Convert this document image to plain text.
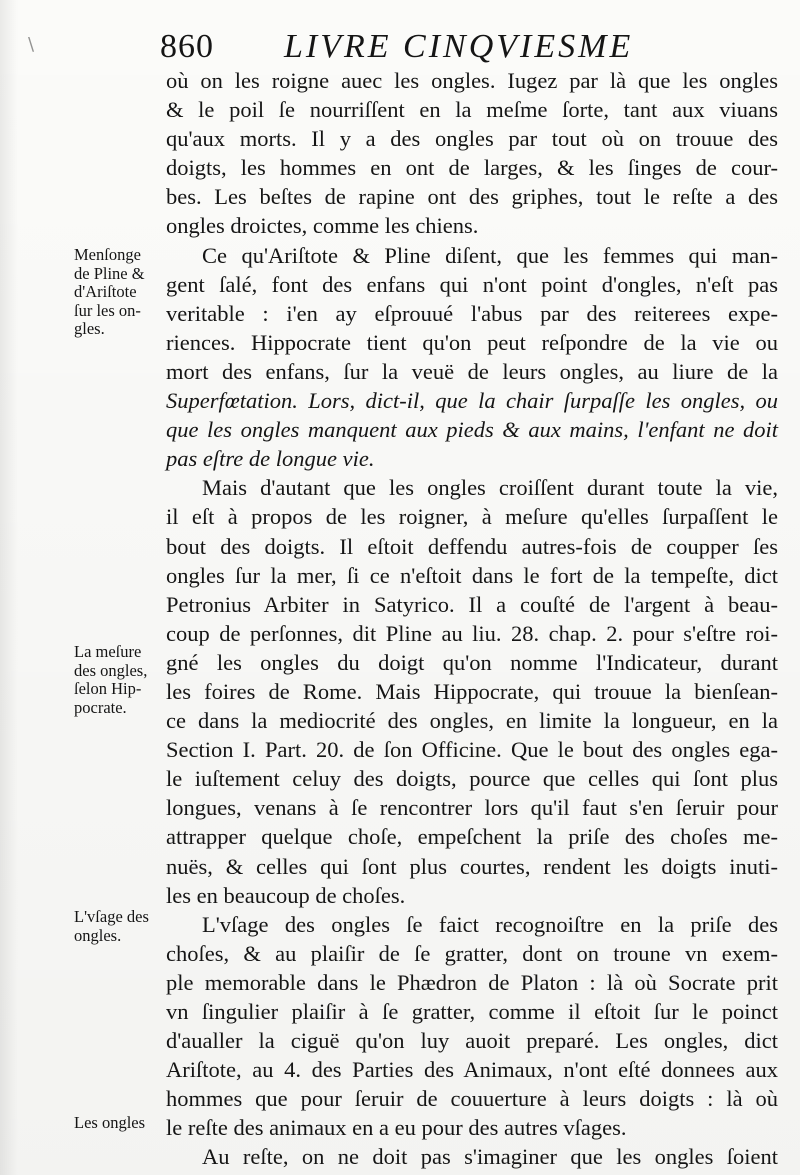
860 LIVRE CINQVIESME
\
Menſonge
de Pline &
d'Ariſtote
ſur les on-
gles.
La meſure
des ongles,
ſelon Hip-
pocrate.
L'vſage des
ongles.
Les ongles
où on les roigne auec les ongles. Iugez par là que les ongles
& le poil ſe nourriſſent en la meſme ſorte, tant aux viuans
qu'aux morts. Il y a des ongles par tout où on trouue des
doigts, les hommes en ont de larges, & les ſinges de cour-
bes. Les beſtes de rapine ont des griphes, tout le reſte a des
ongles droictes, comme les chiens.
Ce qu'Ariſtote & Pline diſent, que les femmes qui man-
gent ſalé, font des enfans qui n'ont point d'ongles, n'eſt pas
veritable : i'en ay eſprouué l'abus par des reiterees expe-
riences. Hippocrate tient qu'on peut reſpondre de la vie ou
mort des enfans, ſur la veuë de leurs ongles, au liure de la
Superfœtation. Lors, dict-il, que la chair ſurpaſſe les ongles, ou
que les ongles manquent aux pieds & aux mains, l'enfant ne doit
pas eſtre de longue vie.
Mais d'autant que les ongles croiſſent durant toute la vie,
il eſt à propos de les roigner, à meſure qu'elles ſurpaſſent le
bout des doigts. Il eſtoit deffendu autres-fois de coupper ſes
ongles ſur la mer, ſi ce n'eſtoit dans le fort de la tempeſte, dict
Petronius Arbiter in Satyrico. Il a couſté de l'argent à beau-
coup de perſonnes, dit Pline au liu. 28. chap. 2. pour s'eſtre roi-
gné les ongles du doigt qu'on nomme l'Indicateur, durant
les foires de Rome. Mais Hippocrate, qui trouue la bienſean-
ce dans la mediocrité des ongles, en limite la longueur, en la
Section I. Part. 20. de ſon Officine. Que le bout des ongles ega-
le iuſtement celuy des doigts, pource que celles qui ſont plus
longues, venans à ſe rencontrer lors qu'il faut s'en ſeruir pour
attrapper quelque choſe, empeſchent la priſe des choſes me-
nuës, & celles qui ſont plus courtes, rendent les doigts inuti-
les en beaucoup de choſes.
L'vſage des ongles ſe faict recognoiſtre en la priſe des
choſes, & au plaiſir de ſe gratter, dont on troune vn exem-
ple memorable dans le Phædron de Platon : là où Socrate prit
vn ſingulier plaiſir à ſe gratter, comme il eſtoit ſur le poinct
d'aualler la ciguë qu'on luy auoit preparé. Les ongles, dict
Ariſtote, au 4. des Parties des Animaux, n'ont eſté donnees aux
hommes que pour ſeruir de couuerture à leurs doigts : là où
le reſte des animaux en a eu pour des autres vſages.
Au reſte, on ne doit pas s'imaginer que les ongles ſoient
